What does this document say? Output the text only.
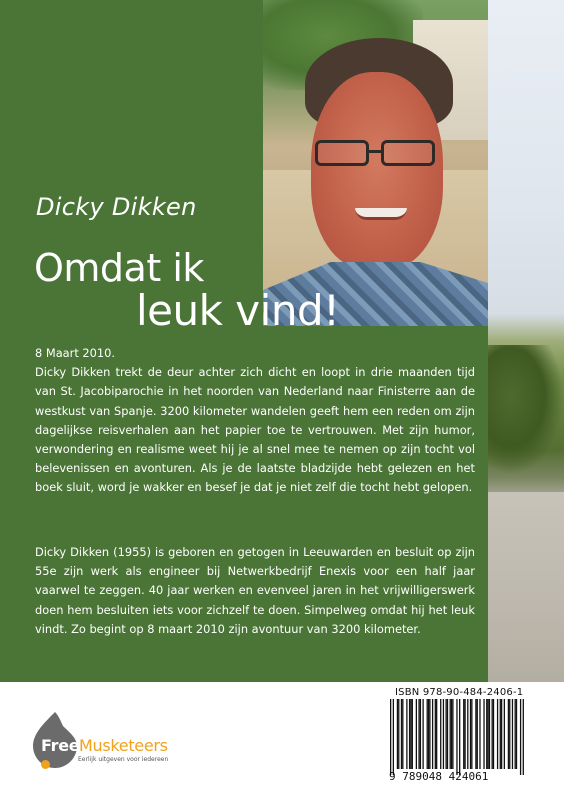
Dicky Dikken
Omdat ik
leuk vind!

8 Maart 2010.

Dicky Dikken trekt de deur achter zich dicht en loopt in drie maanden tijd van St. Jacobiparochie in het noorden van Nederland naar Finisterre aan de westkust van Spanje. 3200 kilometer wandelen geeft hem een reden om zijn dagelijkse reisverhalen aan het papier toe te vertrouwen. Met zijn humor, verwondering en realisme weet hij je al snel mee te nemen op zijn tocht vol belevenissen en avonturen. Als je de laatste bladzijde hebt gelezen en het boek sluit, word je wakker en besef je dat je niet zelf die tocht hebt gelopen.

Dicky Dikken (1955) is geboren en getogen in Leeuwarden en besluit op zijn 55e zijn werk als engineer bij Netwerkbedrijf Enexis voor een half jaar vaarwel te zeggen. 40 jaar werken en evenveel jaren in het vrijwilligerswerk doen hem besluiten iets voor zichzelf te doen. Simpelweg omdat hij het leuk vindt. Zo begint op 8 maart 2010 zijn avontuur van 3200 kilometer.
Free Musketeers
Eerlijk uitgeven voor iedereen
ISBN 978-90-484-2406-1
9 789048 424061
